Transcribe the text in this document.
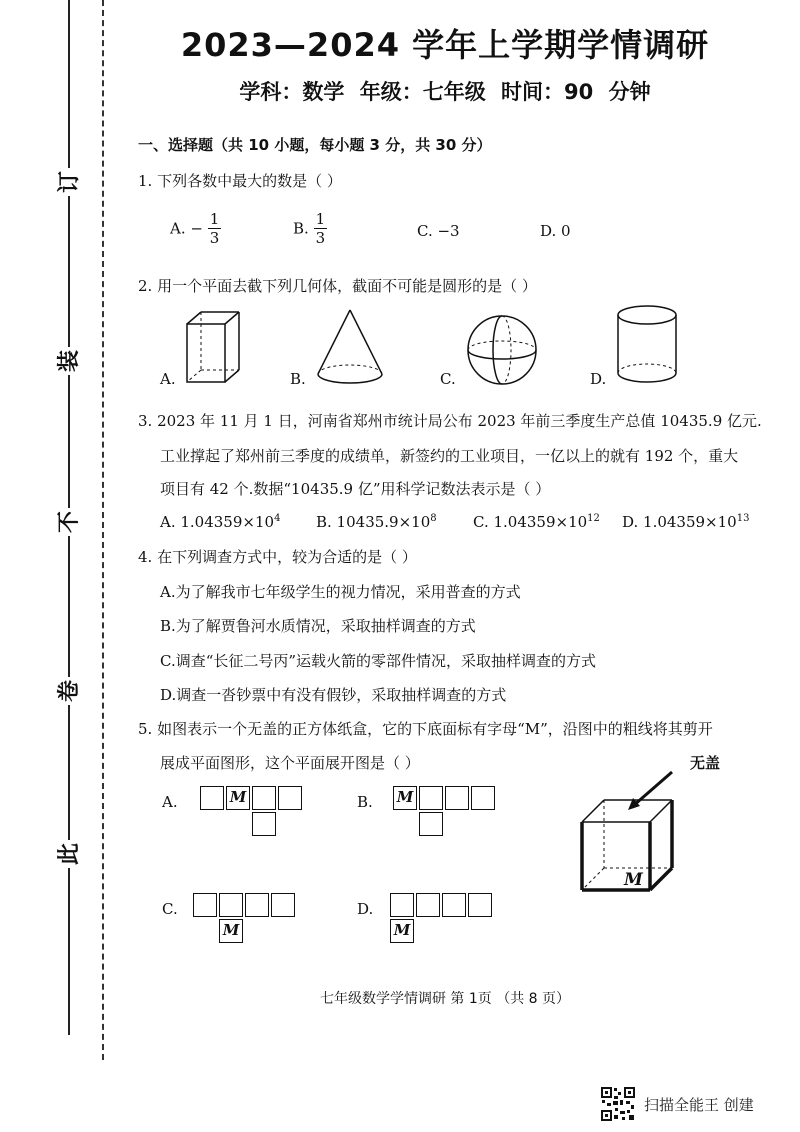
订
装
不
卷
此
2023—2024 学年上学期学情调研
学科：数学 年级：七年级 时间：90 分钟
一、选择题（共 10 小题，每小题 3 分，共 30 分）
1. 下列各数中最大的数是（ ）
A. − $\frac{1}{3}$	B. $\frac{1}{3}$	C. −3	D. 0
2. 用一个平面去截下列几何体，截面不可能是圆形的是（ ）
A.	B.	C.	D.
3. 2023 年 11 月 1 日，河南省郑州市统计局公布 2023 年前三季度生产总值 10435.9 亿元.
工业撑起了郑州前三季度的成绩单，新签约的工业项目，一亿以上的就有 192 个，重大
项目有 42 个.数据“10435.9 亿”用科学记数法表示是（ ）
A. $1.04359\times 10^4$ B. $10435.9\times 10^8$ C. $1.04359\times 10^{12}$ D. $1.04359\times 10^{13}$
4. 在下列调查方式中，较为合适的是（ ）
A.为了解我市七年级学生的视力情况，采用普查的方式
B.为了解贾鲁河水质情况，采取抽样调查的方式
C.调查“长征二号丙”运载火箭的零部件情况，采取抽样调查的方式
D.调查一沓钞票中有没有假钞，采取抽样调查的方式
5. 如图表示一个无盖的正方体纸盒，它的下底面标有字母“M”，沿图中的粗线将其剪开
展成平面图形，这个平面展开图是（ ）
A.	M	B. M
C.
M
D.
M
无盖
M
七年级数学学情调研 第 1页 （共 8 页）
扫描全能王 创建
